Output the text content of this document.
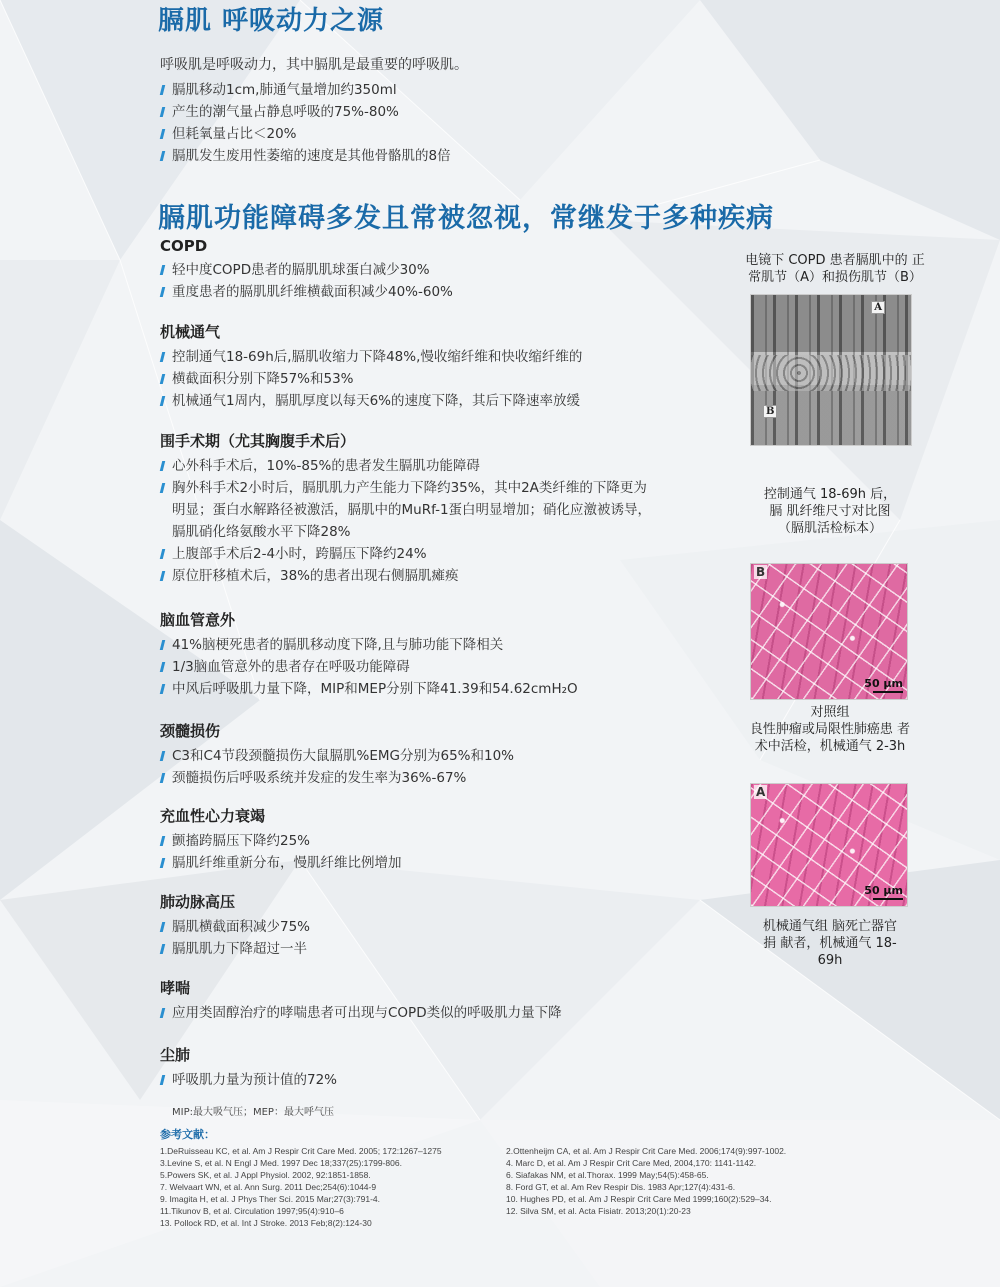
膈肌 呼吸动力之源
呼吸肌是呼吸动力，其中膈肌是最重要的呼吸肌。
膈肌移动1cm,肺通气量增加约350ml
产生的潮气量占静息呼吸的75%-80%
但耗氧量占比＜20%
膈肌发生废用性萎缩的速度是其他骨骼肌的8倍
膈肌功能障碍多发且常被忽视，常继发于多种疾病
COPD
轻中度COPD患者的膈肌肌球蛋白减少30%
重度患者的膈肌肌纤维横截面积减少40%-60%
机械通气
控制通气18-69h后,膈肌收缩力下降48%,慢收缩纤维和快收缩纤维的
横截面积分别下降57%和53%
机械通气1周内，膈肌厚度以每天6%的速度下降，其后下降速率放缓
围手术期（尤其胸腹手术后）
心外科手术后，10%-85%的患者发生膈肌功能障碍
胸外科手术2小时后，膈肌肌力产生能力下降约35%，其中2A类纤维的下降更为明显；蛋白水解路径被激活，膈肌中的MuRf-1蛋白明显增加；硝化应激被诱导，膈肌硝化络氨酸水平下降28%
上腹部手术后2-4小时，跨膈压下降约24%
原位肝移植术后，38%的患者出现右侧膈肌瘫痪
脑血管意外
41%脑梗死患者的膈肌移动度下降,且与肺功能下降相关
1/3脑血管意外的患者存在呼吸功能障碍
中风后呼吸肌力量下降，MIP和MEP分别下降41.39和54.62cmH₂O
颈髓损伤
C3和C4节段颈髓损伤大鼠膈肌%EMG分别为65%和10%
颈髓损伤后呼吸系统并发症的发生率为36%-67%
充血性心力衰竭
颤搐跨膈压下降约25%
膈肌纤维重新分布，慢肌纤维比例增加
肺动脉高压
膈肌横截面积减少75%
膈肌肌力下降超过一半
哮喘
应用类固醇治疗的哮喘患者可出现与COPD类似的呼吸肌力量下降
尘肺
呼吸肌力量为预计值的72%
电镜下 COPD 患者膈肌中的 正
常肌节（A）和损伤肌节（B）
A
B
控制通气 18-69h 后，
膈 肌纤维尺寸对比图
（膈肌活检标本）
B
50 μm
对照组
良性肿瘤或局限性肺癌患 者
术中活检，机械通气 2-3h
A
50 μm
机械通气组 脑死亡器官
捐 献者，机械通气 18-
69h
MIP:最大吸气压；MEP：最大呼气压
参考文献：
1.DeRuisseau KC, et al. Am J Respir Crit Care Med. 2005; 172:1267–1275
3.Levine S, et al. N Engl J Med. 1997 Dec 18;337(25):1799-806.
5.Powers SK, et al. J Appl Physiol. 2002, 92:1851-1858.
7. Welvaart WN, et al. Ann Surg. 2011 Dec;254(6):1044-9
9. Imagita H, et al. J Phys Ther Sci. 2015 Mar;27(3):791-4.
11.Tikunov B, et al. Circulation 1997;95(4):910–6
13. Pollock RD, et al. Int J Stroke. 2013 Feb;8(2):124-30
2.Ottenheijm CA, et al. Am J Respir Crit Care Med. 2006;174(9):997-1002.
4. Marc D, et al. Am J Respir Crit Care Med, 2004,170: 1141-1142.
6. Siafakas NM, et al.Thorax. 1999 May;54(5):458-65.
8. Ford GT, et al. Am Rev Respir Dis. 1983 Apr;127(4):431-6.
10. Hughes PD, et al. Am J Respir Crit Care Med 1999;160(2):529–34.
12. Silva SM, et al. Acta Fisiatr. 2013;20(1):20-23
